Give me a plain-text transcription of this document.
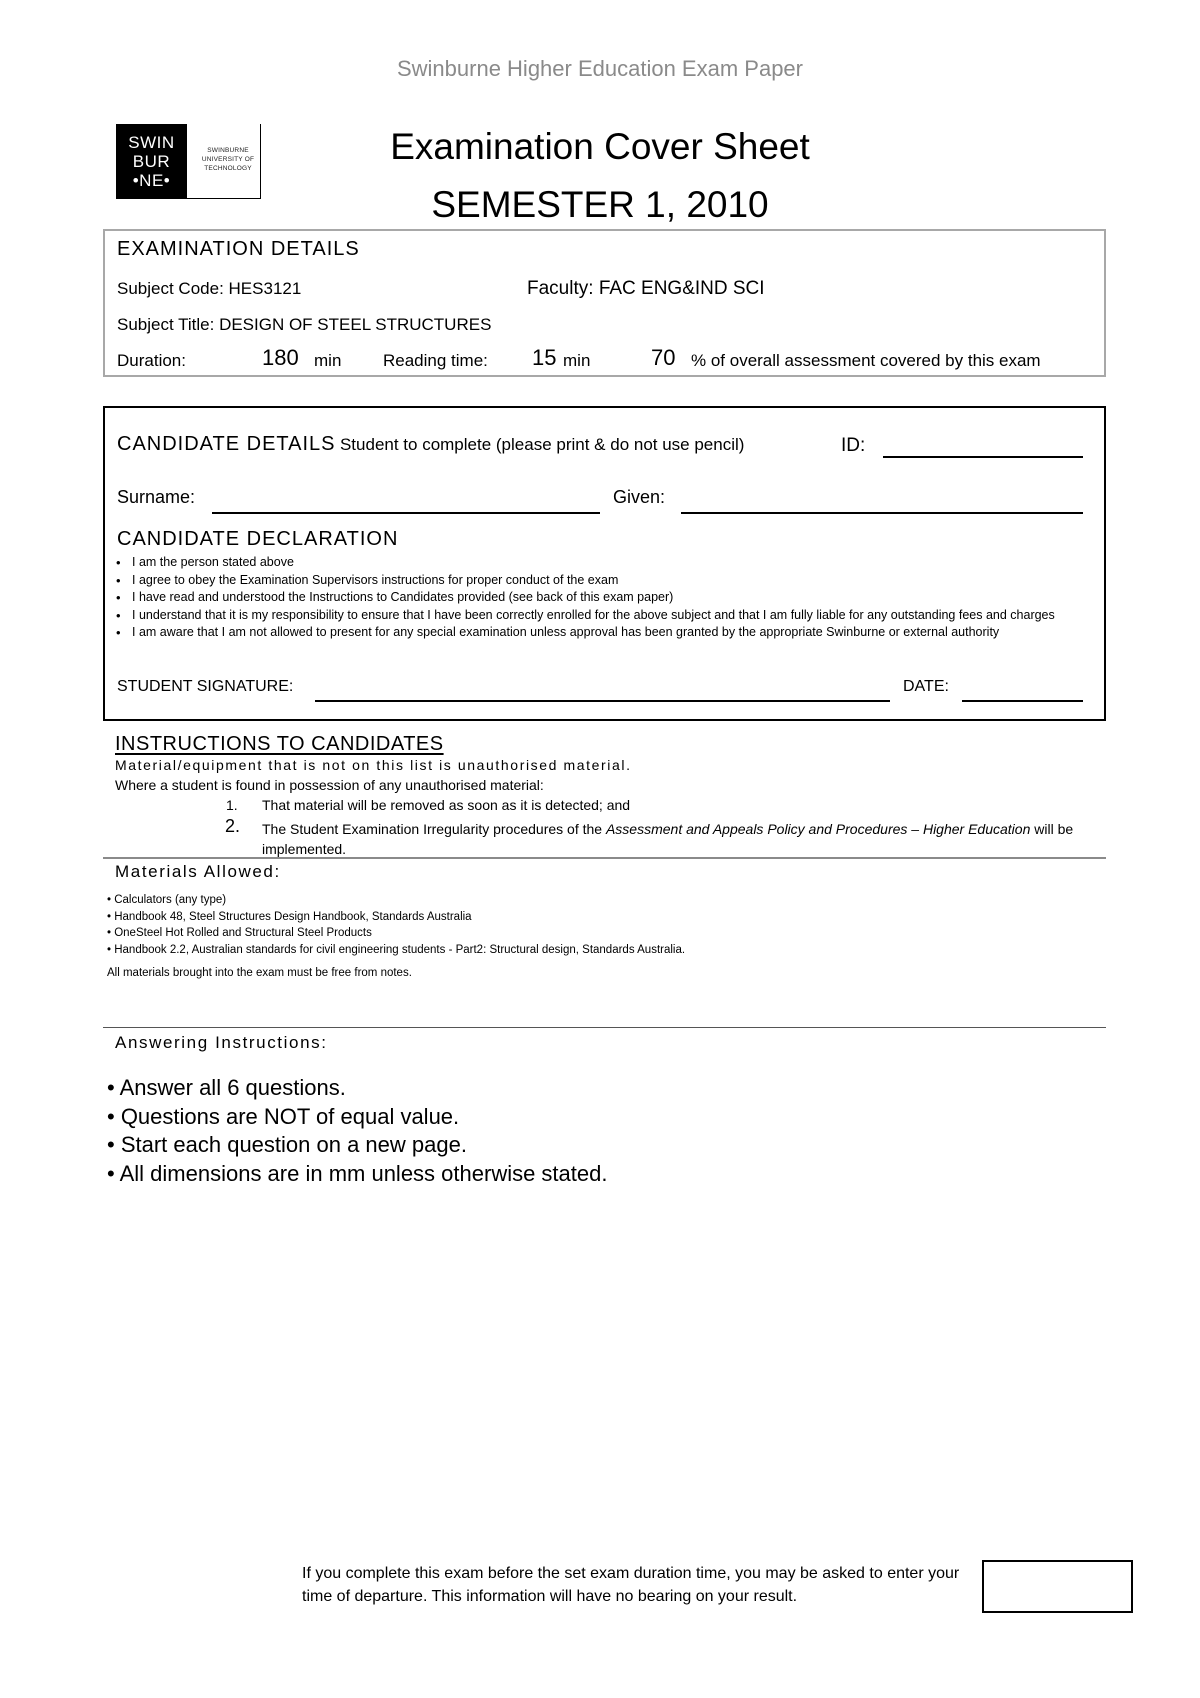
Swinburne Higher Education Exam Paper
SWIN
BUR
•NE•
SWINBURNE
UNIVERSITY OF
TECHNOLOGY
Examination Cover Sheet
SEMESTER 1, 2010
EXAMINATION DETAILS
Subject Code: HES3121	Faculty: FAC ENG&IND SCI
Subject Title: DESIGN OF STEEL STRUCTURES
Duration:	180 min Reading time: 15 min	70 % of overall assessment covered by this exam
CANDIDATE DETAILS Student to complete (please print & do not use pencil)	ID:
Surname:	Given:
CANDIDATE DECLARATION
STUDENT SIGNATURE:	DATE:
• I am the person stated above
• I agree to obey the Examination Supervisors instructions for proper conduct of the exam
• I have read and understood the Instructions to Candidates provided (see back of this exam paper)
• I understand that it is my responsibility to ensure that I have been correctly enrolled for the above subject and that I am fully liable for any outstanding fees and charges
• I am aware that I am not allowed to present for any special examination unless approval has been granted by the appropriate Swinburne or external authority
INSTRUCTIONS TO CANDIDATES
Material/equipment that is not on this list is unauthorised material.
Where a student is found in possession of any unauthorised material:
1. That material will be removed as soon as it is detected; and
2. The Student Examination Irregularity procedures of the Assessment and Appeals Policy and Procedures – Higher Education will be implemented.
Materials Allowed:
• Calculators (any type)
• Handbook 48, Steel Structures Design Handbook, Standards Australia
• OneSteel Hot Rolled and Structural Steel Products
• Handbook 2.2, Australian standards for civil engineering students - Part2: Structural design, Standards Australia.
All materials brought into the exam must be free from notes.
Answering Instructions:
• Answer all 6 questions.
• Questions are NOT of equal value.
• Start each question on a new page.
• All dimensions are in mm unless otherwise stated.
If you complete this exam before the set exam duration time, you may be asked to enter your time of departure. This information will have no bearing on your result.
